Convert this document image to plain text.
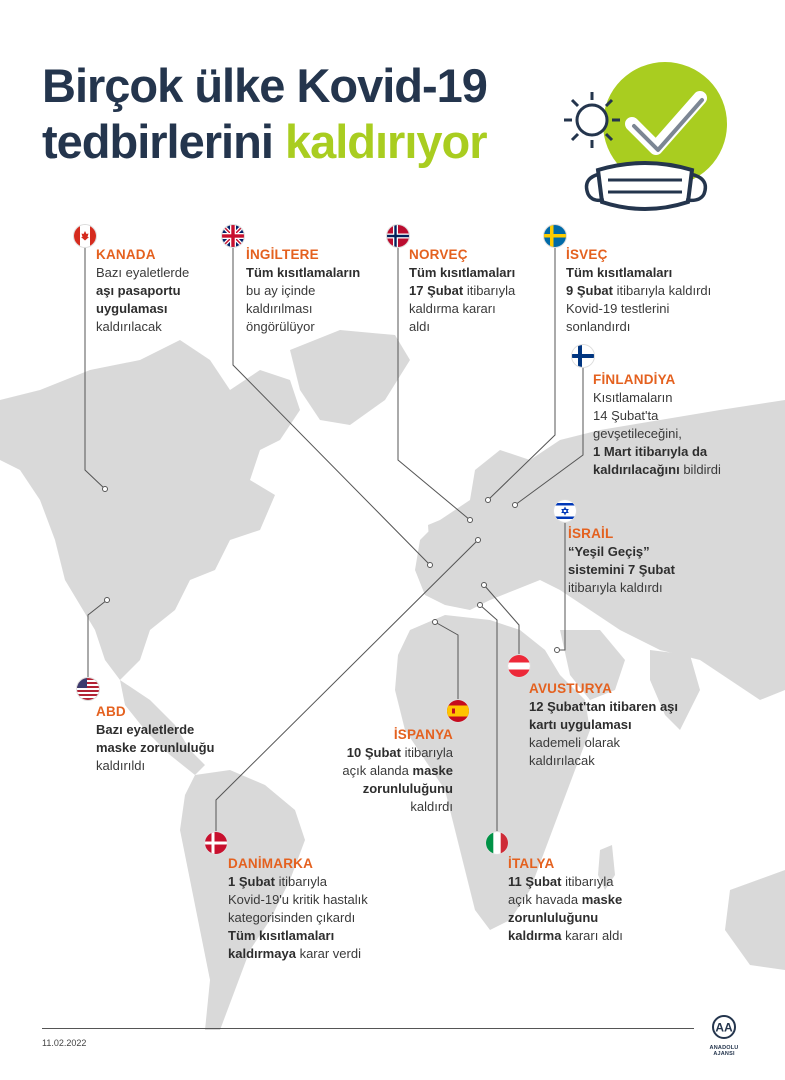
Birçok ülke Kovid-19
tedbirlerini kaldırıyor
KANADA
Bazı eyaletlerde
aşı pasaportu
uygulaması
kaldırılacak
İNGİLTERE
Tüm kısıtlamaların
bu ay içinde
kaldırılması
öngörülüyor
NORVEÇ
Tüm kısıtlamaları
17 Şubat itibarıyla
kaldırma kararı
aldı
İSVEÇ
Tüm kısıtlamaları
9 Şubat itibarıyla kaldırdı
Kovid-19 testlerini
sonlandırdı
FİNLANDİYA
Kısıtlamaların
14 Şubat'ta
gevşetileceğini,
1 Mart itibarıyla da
kaldırılacağını bildirdi
İSRAİL
“Yeşil Geçiş”
sistemini 7 Şubat
itibarıyla kaldırdı
ABD
Bazı eyaletlerde
maske zorunluluğu
kaldırıldı
AVUSTURYA
12 Şubat'tan itibaren aşı
kartı uygulaması
kademeli olarak
kaldırılacak
İSPANYA
10 Şubat itibarıyla
açık alanda maske
zorunluluğunu
kaldırdı
DANİMARKA
1 Şubat itibarıyla
Kovid-19'u kritik hastalık
kategorisinden çıkardı
Tüm kısıtlamaları
kaldırmaya karar verdi
İTALYA
11 Şubat itibarıyla
açık havada maske
zorunluluğunu
kaldırma kararı aldı
11.02.2022
AA
ANADOLU AJANSI
